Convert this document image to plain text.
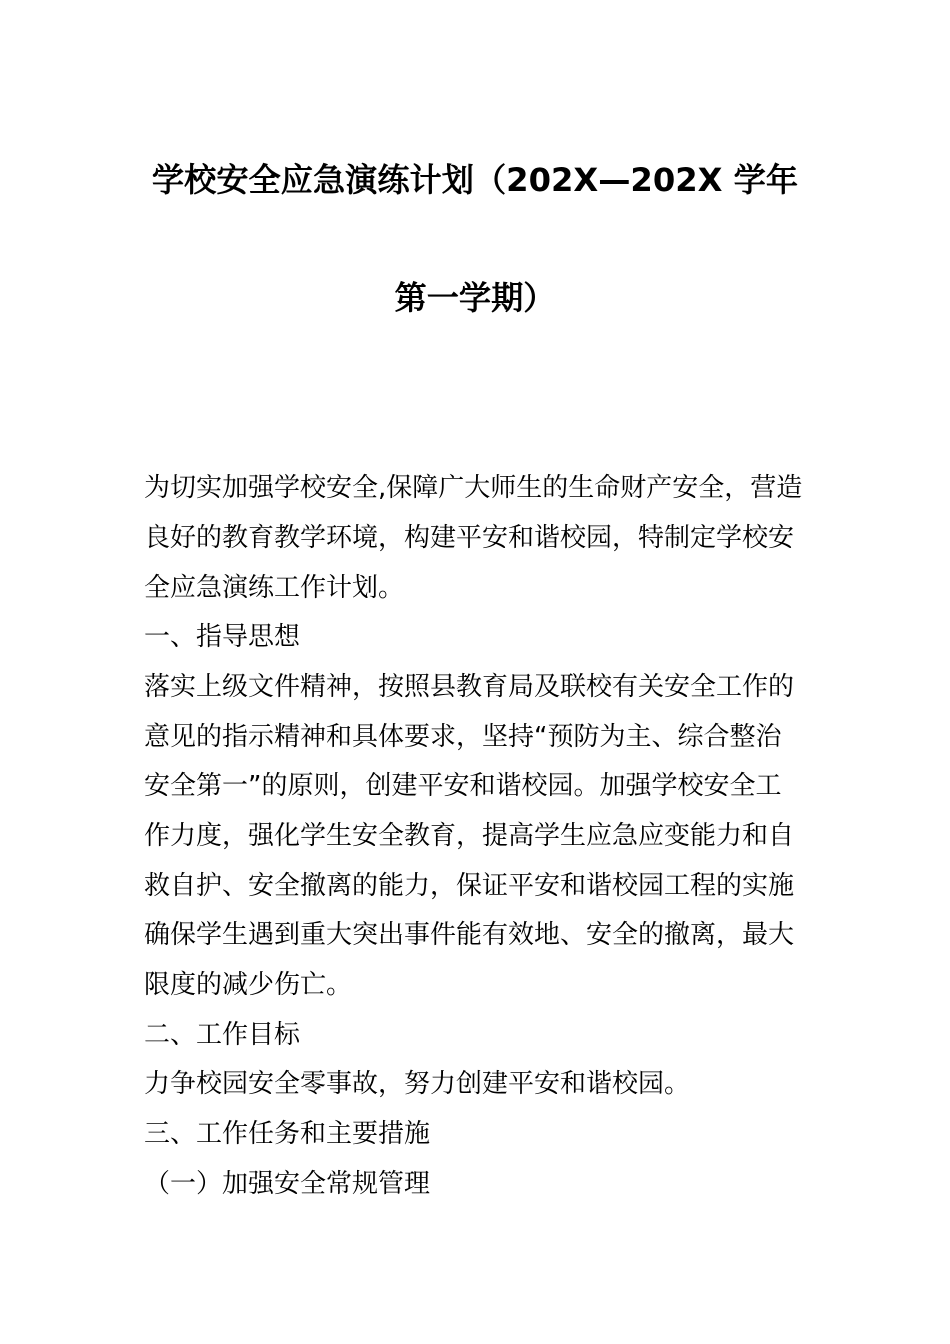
学校安全应急演练计划（202X—202X 学年
第一学期）
为切实加强学校安全,保障广大师生的生命财产安全，营造
良好的教育教学环境，构建平安和谐校园，特制定学校安
全应急演练工作计划。
一、指导思想
落实上级文件精神，按照县教育局及联校有关安全工作的
意见的指示精神和具体要求，坚持“预防为主、综合整治
安全第一”的原则，创建平安和谐校园。加强学校安全工
作力度，强化学生安全教育，提高学生应急应变能力和自
救自护、安全撤离的能力，保证平安和谐校园工程的实施
确保学生遇到重大突出事件能有效地、安全的撤离，最大
限度的减少伤亡。
二、工作目标
力争校园安全零事故，努力创建平安和谐校园。
三、工作任务和主要措施
（一）加强安全常规管理
